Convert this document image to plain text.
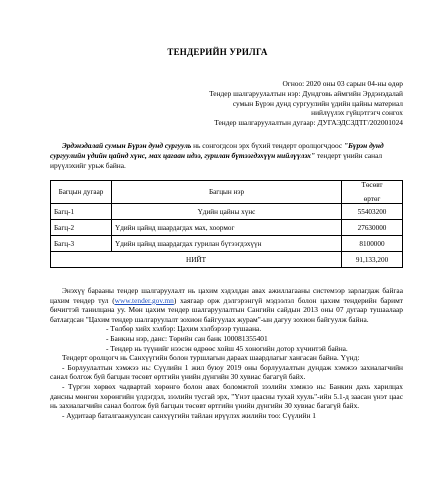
ТЕНДЕРИЙН УРИЛГА
Огноо: 2020 оны 03 сарын 04-ны өдөр
Тендер шалгаруулалтын нэр: Дундговь аймгийн Эрдэнэдалай
сумын Бүрэн дунд сургуулийн үдийн цайны материал
нийлүүлэх гүйцэтгэгч сонгох
Тендер шалгаруулалтын дугаар: ДУГАЭДСЗДТГ/202001024

Эрдэнэдалай сумын Бүрэн дунд сургууль нь сонгогдсон эрх бүхий тендерт оролцогчдоос "Бүрэн дунд сургуулийн үдийн цайнд хүнс, мах цагаан идээ, гурилан бүтээгдэхүүн нийлүүлэх" тендерт үнийн санал ирүүлэхийг урьж байна.

Багцын дугаар	Багцын нэр	Төсөвт
өртөг

Багц-1	Үдийн цайны хүнс	55403200
Багц-2	Үдийн цайнд шаардагдах мах, хоормог	27630000
Багц-3	Үдийн цайнд шаардагдах гурилан бүтээгдэхүүн	8100000
НИЙТ		91,133,200

Энэхүү барааны тендер шалгаруулалт нь цахим хэдэлдан авах ажиллагааны системээр зарлагдаж байгаа цахим тендер тул (www.tender.gov.mn) хаягаар орж дэлгэрэнгүй мэдээлэл болон цахим тендерийн баримт бичигтэй танилцана уу. Мөн цахим тендер шалгаруулалтын Сангийн сайдын 2013 оны 07 дугаар тушаалаар батлагдсан "Цахим тендер шалгаруулалт зохион байгуулах журам"-ын дагуу зохион байгуулж байна.

- Төлбөр хийх хэлбэр: Цахим хэлбэрээр тушаана.

- Банкны нэр, данс: Төрийн сан банк 100081355401

- Тендер нь түүнийг нээсэн өдрөөс хойш 45 хоногийн дотор хүчинтэй байна.

Тендерт оролцогч нь Санхүүгийн болон туршлагын дараах шаардлагыг хангасан байна. Үүнд:

- Борлуулалтын хэмжээ нь: Сүүлийн 1 жил буюу 2019 оны борлуулалтын дундаж хэмжээ захиалагчийн санал болгож буй багцын төсөвт өртгийн үнийн дүнгийн 30 хувиас багагүй байх.

- Түргэн хөрвөх чадвартай хөрөнгө болон авах боломжтой зээлийн хэмжээ нь: Банкин дахь харилцах дансны мөнгөн хөрөнгийн үлдэгдэл, зээлийн тусгай эрх, "Үнэт цаасны тухай хууль"-ийн 5.1-д заасан үнэт цаас нь захиалагчийн санал болгож буй багцын төсөвт өртгийн үнийн дүнгийн 30 хувиас багагүй байх.

- Аудитаар баталгаажуулсан санхүүгийн тайлан ирүүлэх жилийн тоо: Сүүлийн 1
